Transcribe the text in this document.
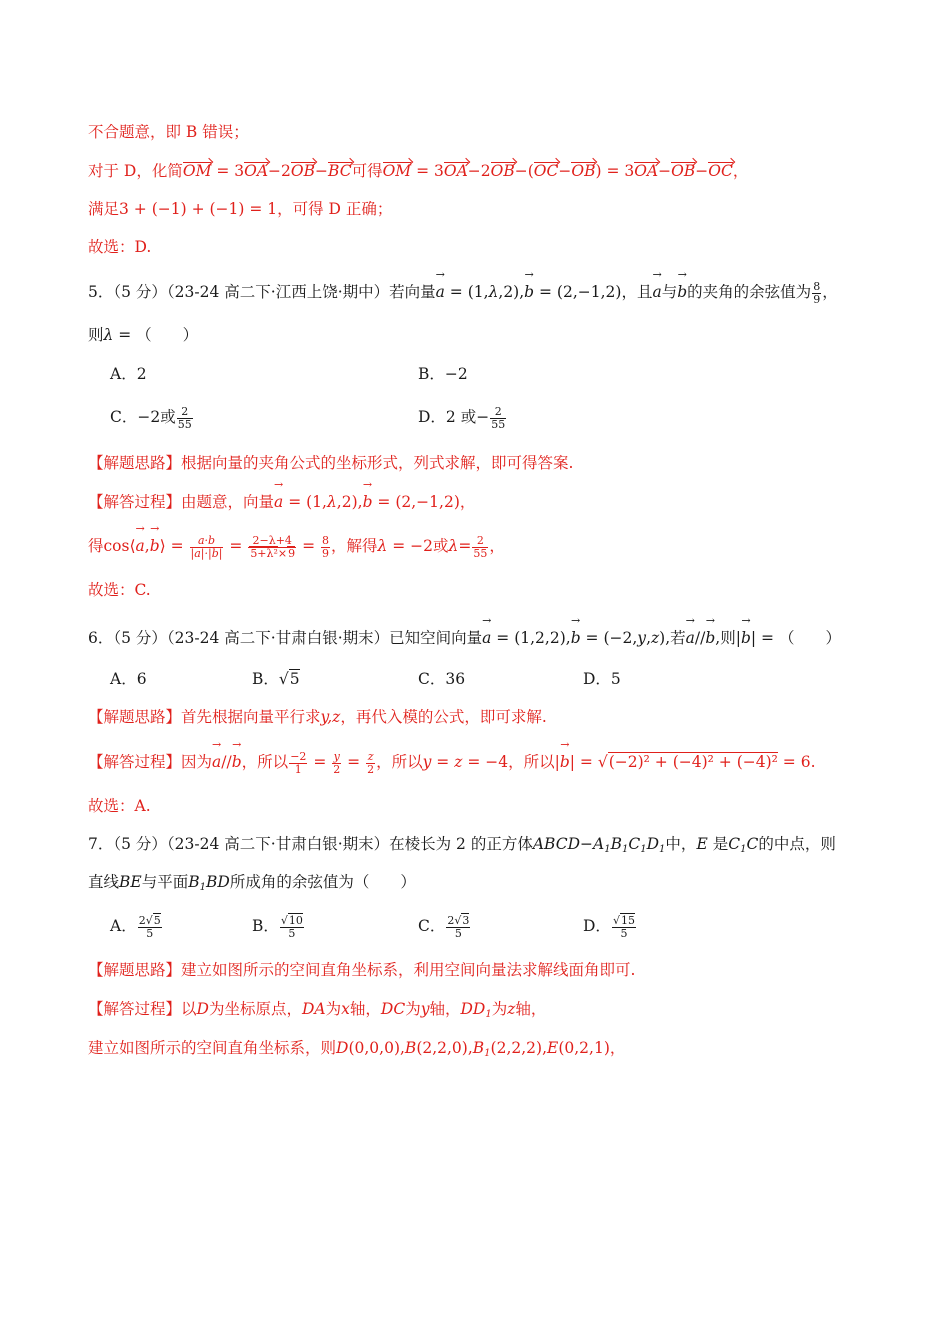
不合题意，即 B 错误；
对于 D，化简OM = 3OA−2OB−BC可得OM = 3OA−2OB−(OC−OB) = 3OA−OB−OC，
满足3 + (−1) + (−1) = 1，可得 D 正确；
故选：D.
5．（5 分）（23-24 高二下·江西上饶·期中）若向量→ a = (1,λ,2),→ b = (2,−1,2)，且→ a与→ b的夹角的余弦值为 $\frac{8}{9}$ ，
则λ = （　　）
A．2	B．−2
C．−2或 $\frac{2}{55}$	D．2 或− $\frac{2}{55}$
【解题思路】根据向量的夹角公式的坐标形式，列式求解，即可得答案.
【解答过程】由题意，向量→ a = (1,λ,2),→ b = (2,−1,2)，
得cos⟨→ a,→ b⟩ = $\frac{a\cdot b}{|a|\cdot|b|} = \frac{2-\lambda+4}{\text{5+λ²×9}} = \frac{8}{9}$ ，解得λ = −2或$\lambda= \frac{2}{55}$ ，
故选：C.
6．（5 分）（23-24 高二下·甘肃白银·期末）已知空间向量→ a = (1,2,2),→ b = (−2,y,z),若→ a//→ b,则|→ b| = （　　）
A．6	B．√5	C．36	D．5
【解题思路】首先根据向量平行求y,z，再代入模的公式，即可求解.
【解答过程】因为→ a//→ b，所以 $\frac{-2}{1} = \frac{y}{2} = \frac{z}{2}$ ，所以y = z = −4，所以|→ b| = √(−2)² + (−4)² + (−4)² = 6.
故选：A.
7．（5 分）（23-24 高二下·甘肃白银·期末）在棱长为 2 的正方体$ABCD-A_1B_1C_1D_1$中，E 是$C_1C$的中点，则
直线BE与平面$B_1BD$所成角的余弦值为（　　）
A． $\frac{2√5}{5}$	B． $\frac{√10}{5}$	C． $\frac{2√3}{5}$	D． $\frac{√15}{5}$
【解题思路】建立如图所示的空间直角坐标系，利用空间向量法求解线面角即可.
【解答过程】以D为坐标原点，DA为x轴，DC为y轴，$DD_1$为z轴，
建立如图所示的空间直角坐标系，则$D(0,0,0),B(2,2,0),B_1(2,2,2),E(0,2,1)$，
